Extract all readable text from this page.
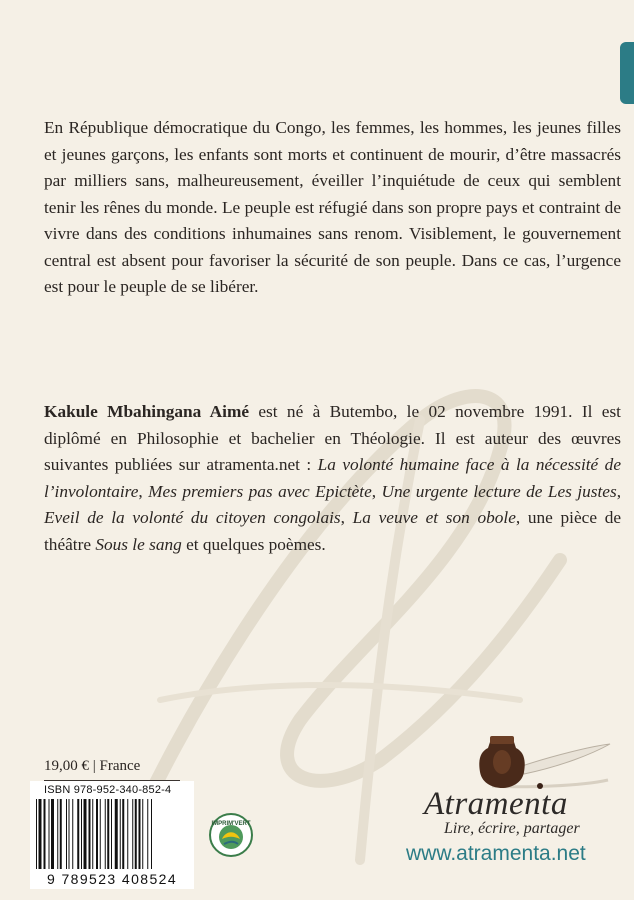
En République démocratique du Congo, les femmes, les hommes, les jeunes filles et jeunes garçons, les enfants sont morts et continuent de mourir, d’être massacrés par milliers sans, malheureusement, éveiller l’inquiétude de ceux qui semblent tenir les rênes du monde. Le peuple est réfugié dans son propre pays et contraint de vivre dans des conditions inhumaines sans renom. Visiblement, le gouvernement central est absent pour favoriser la sécurité de son peuple. Dans ce cas, l’urgence est pour le peuple de se libérer.

Kakule Mbahingana Aimé est né à Butembo, le 02 novembre 1991. Il est diplômé en Philosophie et bachelier en Théologie. Il est auteur des œuvres suivantes publiées sur atramenta.net : La volonté humaine face à la nécessité de l’involontaire, Mes premiers pas avec Epictète, Une urgente lecture de Les justes, Eveil de la volonté du citoyen congolais, La veuve et son obole, une pièce de théâtre Sous le sang et quelques poèmes.

19,00 € | France
ISBN 978-952-340-852-4
9 789523 408524
IMPRIM'VERT
Atramenta
Lire, écrire, partager
www.atramenta.net
